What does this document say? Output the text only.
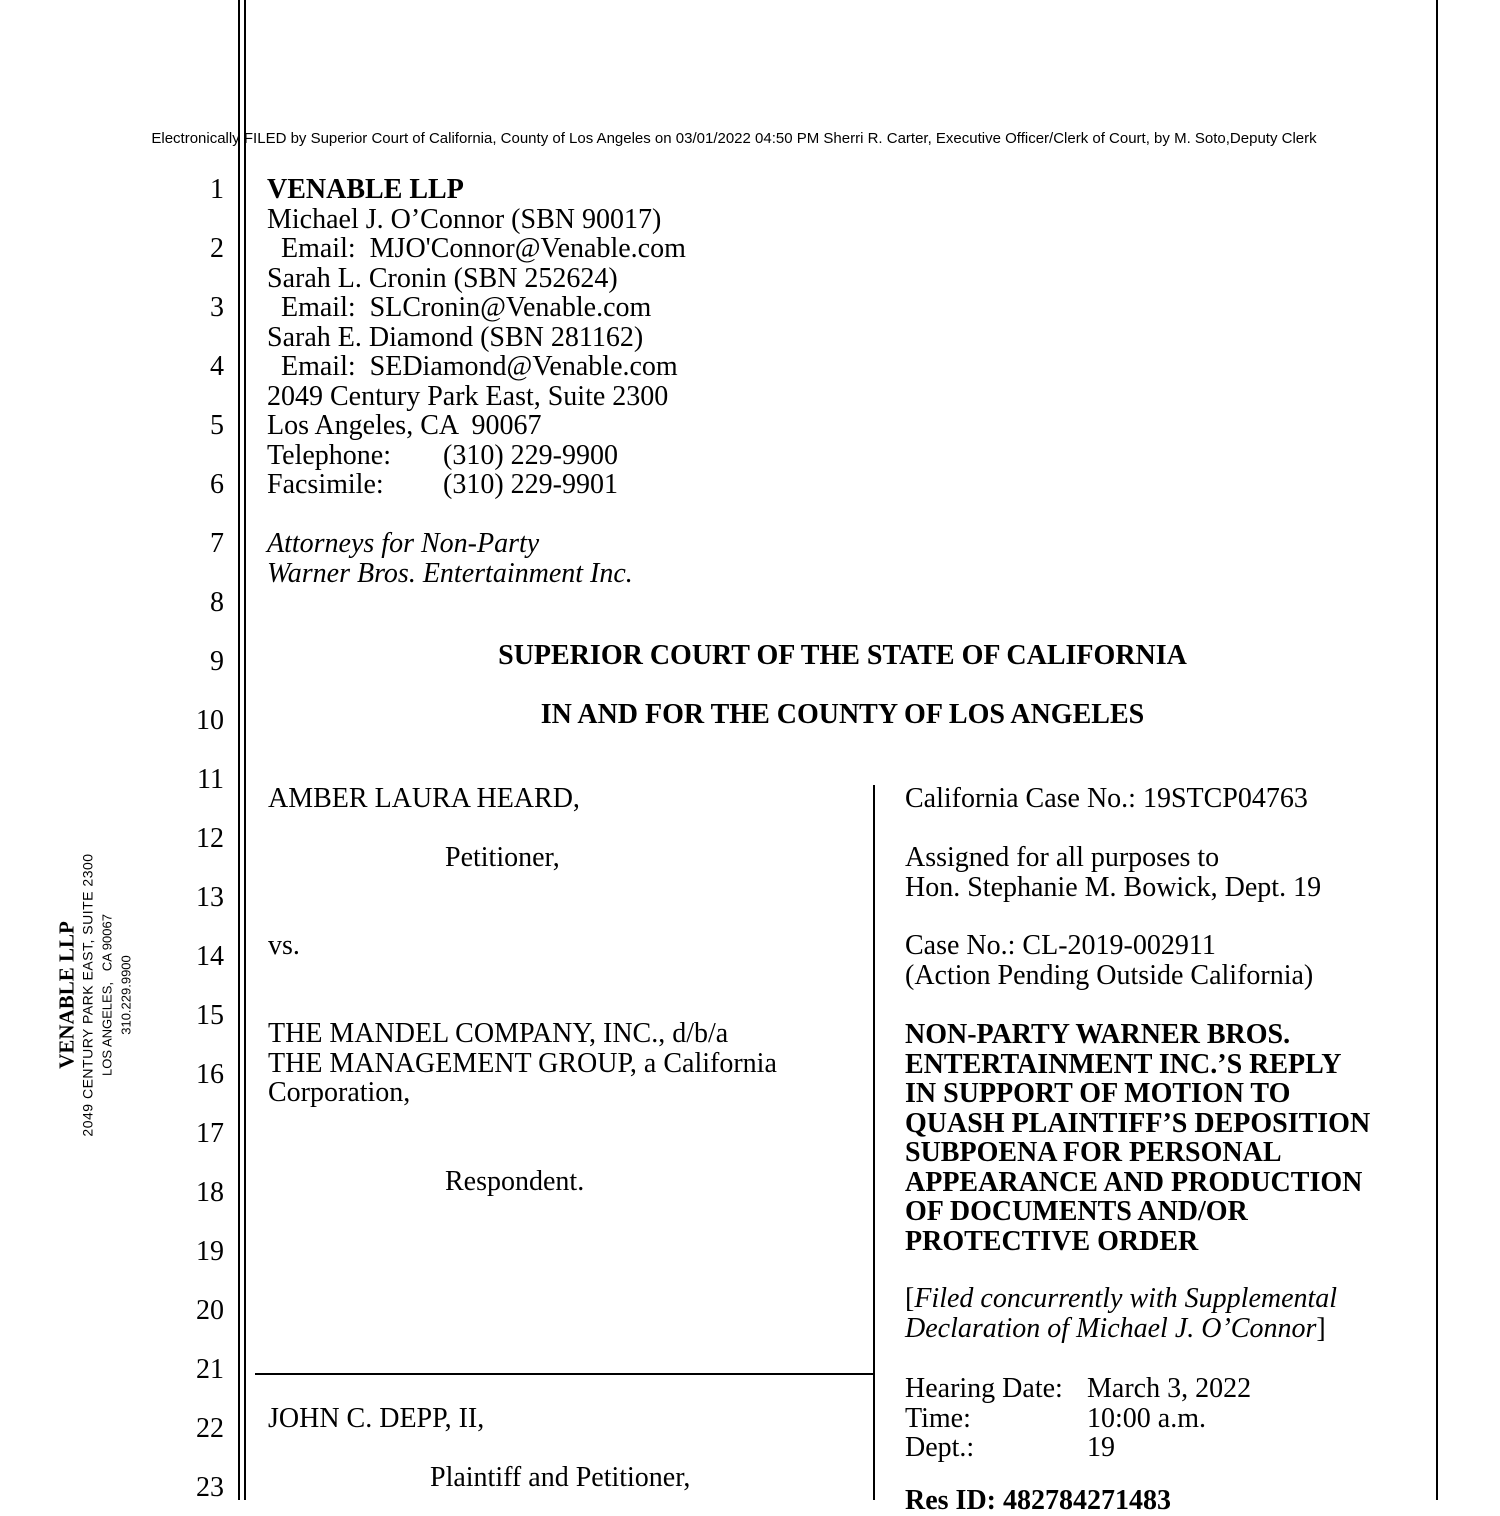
Electronically FILED by Superior Court of California, County of Los Angeles on 03/01/2022 04:50 PM Sherri R. Carter, Executive Officer/Clerk of Court, by M. Soto,Deputy Clerk
1
2
3
4
5
6
7
8
9
10
11
12
13
14
15
16
17
18
19
20
21
22
23
VENABLE LLP 2049 CENTURY PARK EAST, SUITE 2300 LOS ANGELES,   CA 90067 310.229.9900
VENABLE LLP
Michael J. O’Connor (SBN 90017)
Email:  MJO'Connor@Venable.com
Sarah L. Cronin (SBN 252624)
Email:  SLCronin@Venable.com
Sarah E. Diamond (SBN 281162)
Email:  SEDiamond@Venable.com
2049 Century Park East, Suite 2300
Los Angeles, CA  90067
Telephone: (310) 229-9900
Facsimile: (310) 229-9901
Attorneys for Non-Party
Warner Bros. Entertainment Inc.
SUPERIOR COURT OF THE STATE OF CALIFORNIA
IN AND FOR THE COUNTY OF LOS ANGELES
AMBER LAURA HEARD,
Petitioner,
vs.
THE MANDEL COMPANY, INC., d/b/a
THE MANAGEMENT GROUP, a California
Corporation,
Respondent.
JOHN C. DEPP, II,
Plaintiff and Petitioner,
California Case No.: 19STCP04763
Assigned for all purposes to
Hon. Stephanie M. Bowick, Dept. 19
Case No.: CL-2019-002911
(Action Pending Outside California)
NON-PARTY WARNER BROS.
ENTERTAINMENT INC.’S REPLY
IN SUPPORT OF MOTION TO
QUASH PLAINTIFF’S DEPOSITION
SUBPOENA FOR PERSONAL
APPEARANCE AND PRODUCTION
OF DOCUMENTS AND/OR
PROTECTIVE ORDER
[Filed concurrently with Supplemental
Declaration of Michael J. O’Connor]
Hearing Date: March 3, 2022
Time:	10:00 a.m.
Dept.:	19
Res ID: 482784271483
